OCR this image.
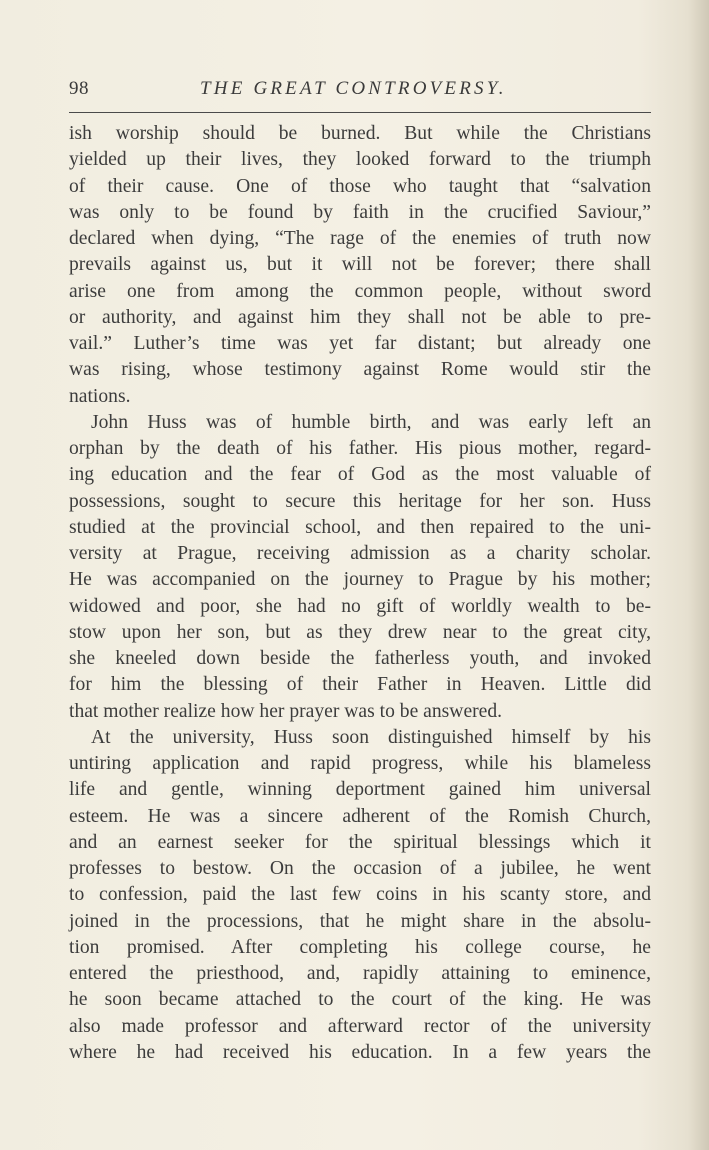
98	THE GREAT CONTROVERSY.
ish worship should be burned. But while the Christians
yielded up their lives, they looked forward to the triumph
of their cause. One of those who taught that “salvation
was only to be found by faith in the crucified Saviour,”
declared when dying, “The rage of the enemies of truth now
prevails against us, but it will not be forever; there shall
arise one from among the common people, without sword
or authority, and against him they shall not be able to pre-
vail.” Luther’s time was yet far distant; but already one
was rising, whose testimony against Rome would stir the
nations.
John Huss was of humble birth, and was early left an
orphan by the death of his father. His pious mother, regard-
ing education and the fear of God as the most valuable of
possessions, sought to secure this heritage for her son. Huss
studied at the provincial school, and then repaired to the uni-
versity at Prague, receiving admission as a charity scholar.
He was accompanied on the journey to Prague by his mother;
widowed and poor, she had no gift of worldly wealth to be-
stow upon her son, but as they drew near to the great city,
she kneeled down beside the fatherless youth, and invoked
for him the blessing of their Father in Heaven. Little did
that mother realize how her prayer was to be answered.
At the university, Huss soon distinguished himself by his
untiring application and rapid progress, while his blameless
life and gentle, winning deportment gained him universal
esteem. He was a sincere adherent of the Romish Church,
and an earnest seeker for the spiritual blessings which it
professes to bestow. On the occasion of a jubilee, he went
to confession, paid the last few coins in his scanty store, and
joined in the processions, that he might share in the absolu-
tion promised. After completing his college course, he
entered the priesthood, and, rapidly attaining to eminence,
he soon became attached to the court of the king. He was
also made professor and afterward rector of the university
where he had received his education. In a few years the
